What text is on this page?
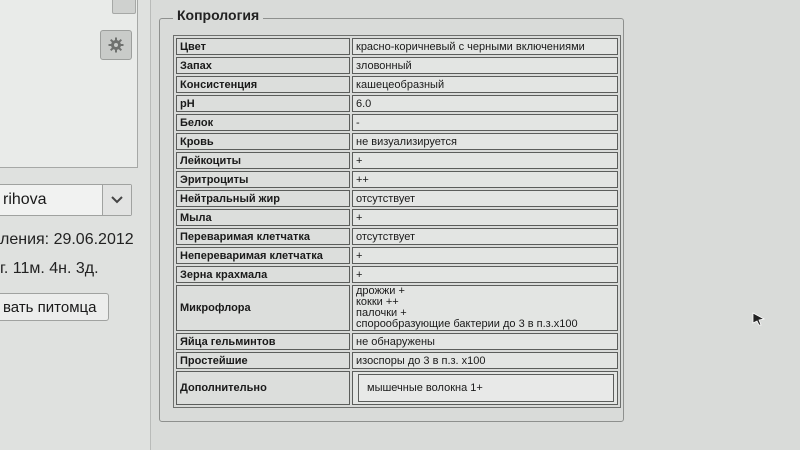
rihova
ления: 29.06.2012
г. 11м. 4н. 3д.
вать питомца
Копрология
Цвет	красно-коричневый с черными включениями
Запах	зловонный
Консистенция	кашецеобразный
pH	6.0
Белок	-
Кровь	не визуализируется
Лейкоциты	+
Эритроциты	++
Нейтральный жир	отсутствует
Мыла	+
Переваримая клетчатка	отсутствует
Непереваримая клетчатка	+
Зерна крахмала	+
Микрофлора	дрожжи +
кокки ++
палочки +
спорообразующие бактерии до 3 в п.з.х100

Яйца гельминтов	не обнаружены
Простейшие	изоспоры до 3 в п.з. х100
Дополнительно	мышечные волокна 1+
